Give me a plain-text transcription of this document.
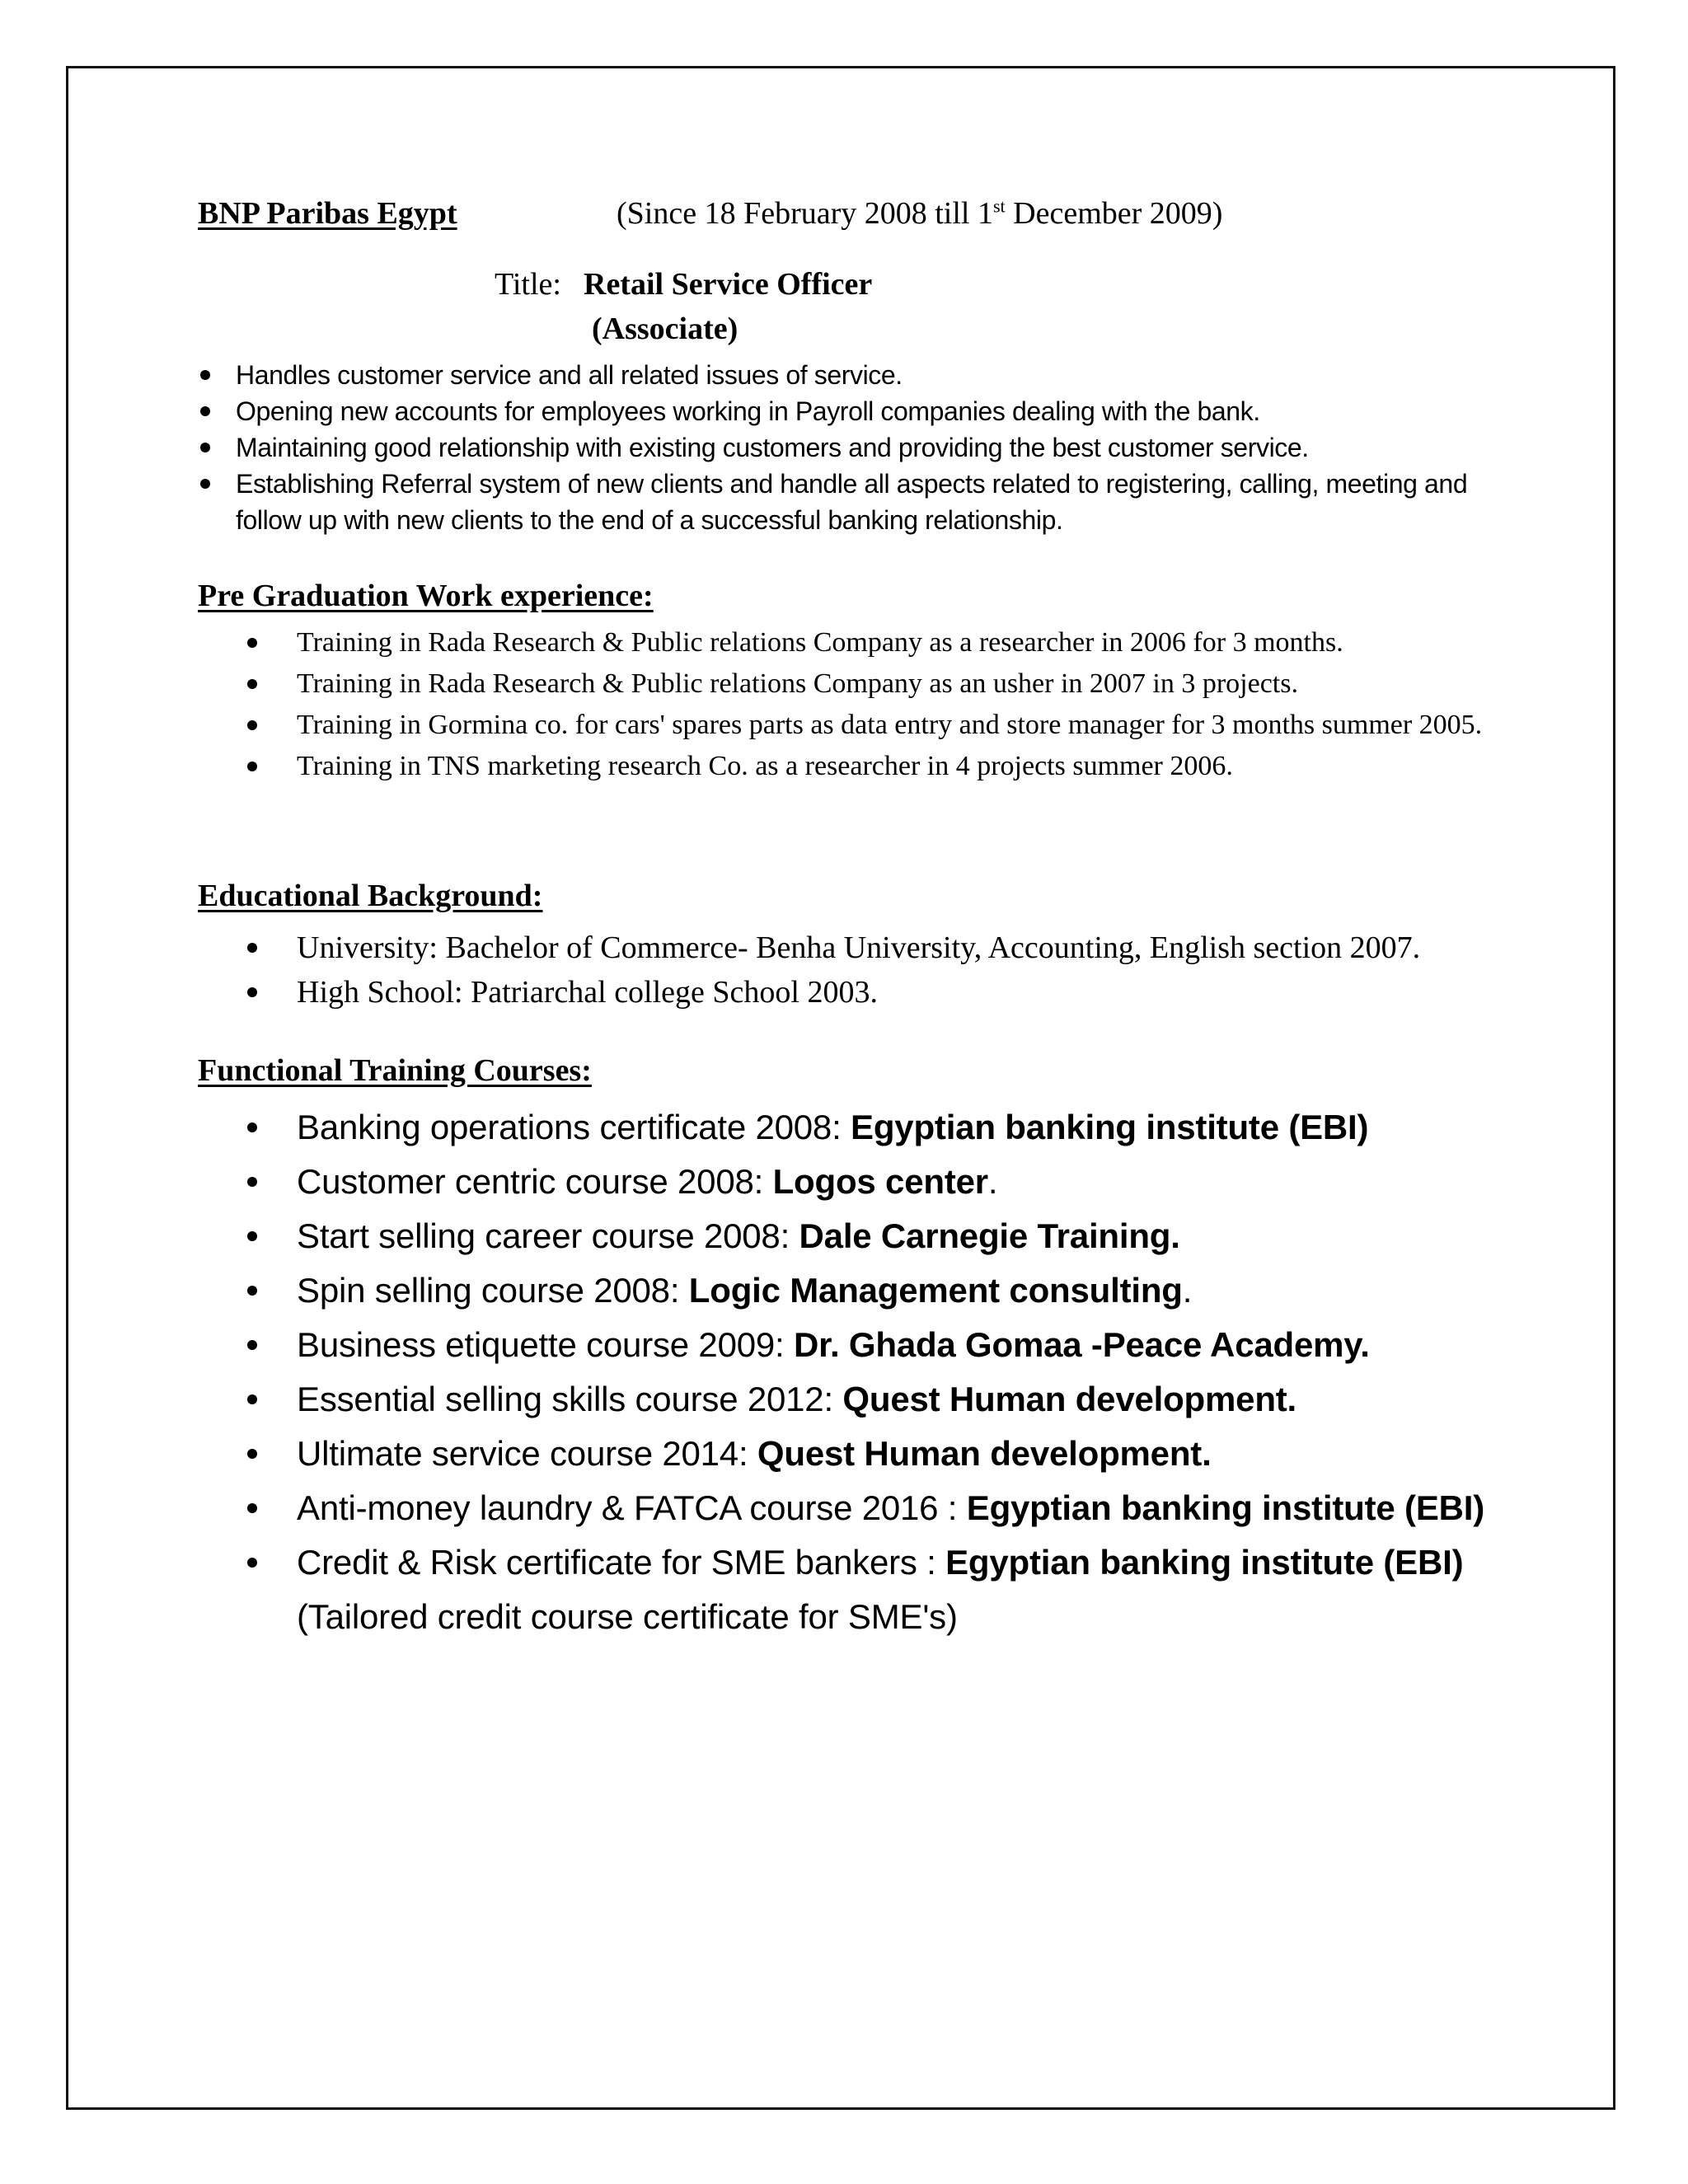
BNP Paribas Egypt	(Since 18 February 2008 till 1st December 2009)
Title: Retail Service Officer
(Associate)
Handles customer service and all related issues of service.
Opening new accounts for employees working in Payroll companies dealing with the bank.
Maintaining good relationship with existing customers and providing the best customer service.
Establishing Referral system of new clients and handle all aspects related to registering, calling, meeting and follow up with new clients to the end of a successful banking relationship.
Pre Graduation Work experience:
Training in Rada Research & Public relations Company as a researcher in 2006 for 3 months.
Training in Rada Research & Public relations Company as an usher in 2007 in 3 projects.
Training in Gormina co. for cars' spares parts as data entry and store manager for 3 months summer 2005.
Training in TNS marketing research Co. as a researcher in 4 projects summer 2006.
Educational Background:
University: Bachelor of Commerce- Benha University, Accounting, English section 2007.
High School: Patriarchal college School 2003.
Functional Training Courses:
Banking operations certificate 2008: Egyptian banking institute (EBI)
Customer centric course 2008: Logos center.
Start selling career course 2008: Dale Carnegie Training.
Spin selling course 2008: Logic Management consulting.
Business etiquette course 2009: Dr. Ghada Gomaa -Peace Academy.
Essential selling skills course 2012: Quest Human development.
Ultimate service course 2014: Quest Human development.
Anti-money laundry & FATCA course 2016 : Egyptian banking institute (EBI)
Credit & Risk certificate for SME bankers : Egyptian banking institute (EBI) (Tailored credit course certificate for SME's)
